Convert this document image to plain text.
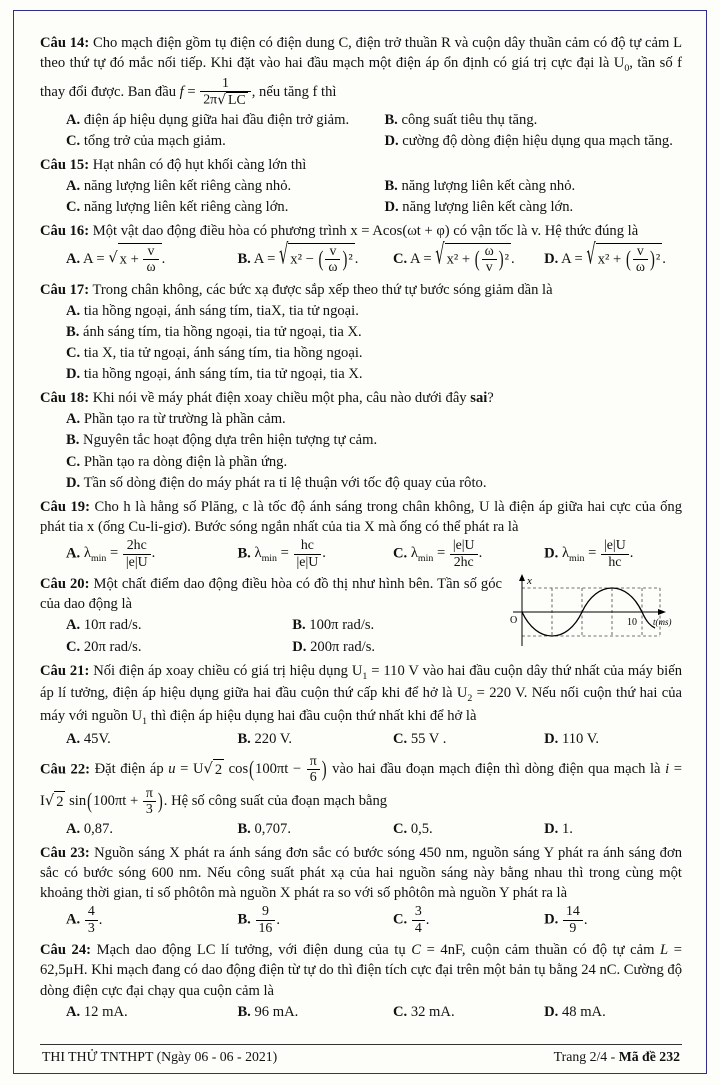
Câu 14: Cho mạch điện gồm tụ điện có điện dung C, điện trở thuần R và cuộn dây thuần cảm có độ tự cảm L theo thứ tự đó mắc nối tiếp. Khi đặt vào hai đầu mạch một điện áp ổn định có giá trị cực đại là $U_0$, tần số f thay đổi được. Ban đầu $f = \frac{1}{2\pi√ LC}$ , nếu tăng f thì
A. điện áp hiệu dụng giữa hai đầu điện trở giảm.	B. công suất tiêu thụ tăng.
C. tổng trở của mạch giảm.	D. cường độ dòng điện hiệu dụng qua mạch tăng.
Câu 15: Hạt nhân có độ hụt khối càng lớn thì
A. năng lượng liên kết riêng càng nhỏ.	B. năng lượng liên kết càng nhỏ.
C. năng lượng liên kết riêng càng lớn.	D. năng lượng liên kết càng lớn.
Câu 16: Một vật dao động điều hòa có phương trình x = Acos(ωt + φ) có vận tốc là v. Hệ thức đúng là
A. A = √ $x + \frac{v}{\omega}$ .	B. A = √ x² − ( $\frac{v}{\omega} )^2$ .	C. A = √ x² + ( $\frac{\omega}{v} )^2$ .	D. A = √ x² + ( $\frac{v}{\omega} )^2$ .
Câu 17: Trong chân không, các bức xạ được sắp xếp theo thứ tự bước sóng giảm dần là
A. tia hồng ngoại, ánh sáng tím, tiaX, tia tử ngoại.
B. ánh sáng tím, tia hồng ngoại, tia tử ngoại, tia X.
C. tia X, tia tử ngoại, ánh sáng tím, tia hồng ngoại.
D. tia hồng ngoại, ánh sáng tím, tia tử ngoại, tia X.
Câu 18: Khi nói về máy phát điện xoay chiều một pha, câu nào dưới đây sai?
A. Phần tạo ra từ trường là phần cảm.
B. Nguyên tắc hoạt động dựa trên hiện tượng tự cảm.
C. Phần tạo ra dòng điện là phần ứng.
D. Tần số dòng điện do máy phát ra tỉ lệ thuận với tốc độ quay của rôto.
Câu 19: Cho h là hằng số Plăng, c là tốc độ ánh sáng trong chân không, U là điện áp giữa hai cực của ống phát tia x (ống Cu-li-giơ). Bước sóng ngắn nhất của tia X mà ống có thể phát ra là
A. $\lambda_{min} = \frac{2hc}{|e|U}$ .	B. $\lambda_{min} = \frac{hc}{|e|U}$ .	C. $\lambda_{min} = \frac{|e|U}{2hc}$ .	D. $\lambda_{min} = \frac{|e|U}{hc}$ .
Câu 20: Một chất điểm dao động điều hòa có đồ thị như hình bên. Tần số góc của dao động là
A. 10π rad/s.	B. 100π rad/s.
C. 20π rad/s.	D. 200π rad/s.
x
O	10 t(ms)
Câu 21: Nối điện áp xoay chiều có giá trị hiệu dụng $U_1 = 110$ V vào hai đầu cuộn dây thứ nhất của máy biến áp lí tưởng, điện áp hiệu dụng giữa hai đầu cuộn thứ cấp khi để hở là $U_2 = 220$ V. Nếu nối cuộn thứ hai của máy với nguồn $U_1$ thì điện áp hiệu dụng hai đầu cuộn thứ nhất khi để hở là
A. 45V.	B. 220 V.	C. 55 V .	D. 110 V.
Câu 22: Đặt điện áp u = U√ 2 $\cos(100\pi t - \frac{\pi}{6}$ ) vào hai đầu đoạn mạch điện thì dòng điện qua mạch là i = I√ 2 $\sin(100\pi t + \frac{\pi}{3}$ ). Hệ số công suất của đoạn mạch bằng
A. 0,87.	B. 0,707.	C. 0,5.	D. 1.
Câu 23: Nguồn sáng X phát ra ánh sáng đơn sắc có bước sóng 450 nm, nguồn sáng Y phát ra ánh sáng đơn sắc có bước sóng 600 nm. Nếu công suất phát xạ của hai nguồn sáng này bằng nhau thì trong cùng một khoảng thời gian, tỉ số phôtôn mà nguồn X phát ra so với số phôtôn mà nguồn Y phát ra là
A. $\frac{4}{3}$ .	B. $\frac{9}{16}$ .	C. $\frac{3}{4}$ .	D. $\frac{14}{9}$ .
Câu 24: Mạch dao động LC lí tưởng, với điện dung của tụ C = 4nF, cuộn cảm thuần có độ tự cảm L = 62,5μH. Khi mạch đang có dao động điện từ tự do thì điện tích cực đại trên một bản tụ bằng 24 nC. Cường độ dòng điện cực đại chạy qua cuộn cảm là
A. 12 mA.	B. 96 mA.	C. 32 mA.	D. 48 mA.
THI THỬ TNTHPT (Ngày 06 - 06 - 2021)	Trang 2/4 - Mã đề 232
